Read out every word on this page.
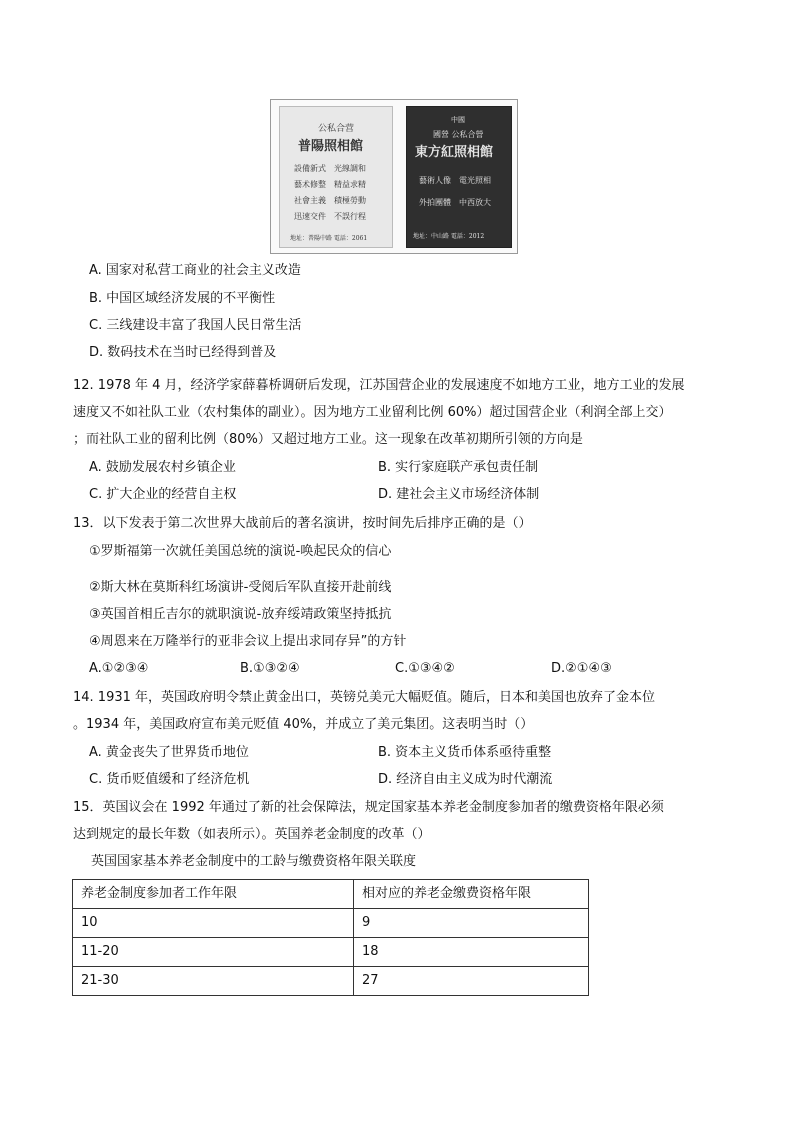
公私合营
普陽照相館
設備新式　光線調和
藝术修整　精益求精
社會主義　積極勞動
迅速交件　不誤行程
地址：普陽中路 電話：2061
中國
國營 公私合營
東方紅照相館
藝術人像　電光照相
外拍團體　中西放大
地址：中山路 電話：2012
A. 国家对私营工商业的社会主义改造
B. 中国区域经济发展的不平衡性
C. 三线建设丰富了我国人民日常生活
D. 数码技术在当时已经得到普及
12. 1978 年 4 月，经济学家薛暮桥调研后发现，江苏国营企业的发展速度不如地方工业，地方工业的发展
速度又不如社队工业（农村集体的副业）。因为地方工业留利比例 60%）超过国营企业（利润全部上交）
；而社队工业的留利比例（80%）又超过地方工业。这一现象在改革初期所引领的方向是
A. 鼓励发展农村乡镇企业	B. 实行家庭联产承包责任制
C. 扩大企业的经营自主权	D. 建社会主义市场经济体制
13．以下发表于第二次世界大战前后的著名演讲，按时间先后排序正确的是（）
①罗斯福第一次就任美国总统的演说-唤起民众的信心
②斯大林在莫斯科红场演讲-受阅后军队直接开赴前线
③英国首相丘吉尔的就职演说-放弃绥靖政策坚持抵抗
④周恩来在万隆举行的亚非会议上提出求同存异”的方针
A.①②③④	B.①③②④	C.①③④②	D.②①④③
14. 1931 年，英国政府明令禁止黄金出口，英镑兑美元大幅贬值。随后，日本和美国也放弃了金本位
。1934 年，美国政府宣布美元贬值 40%，并成立了美元集团。这表明当时（）
A. 黄金丧失了世界货币地位	B. 资本主义货币体系亟待重整
C. 货币贬值缓和了经济危机	D. 经济自由主义成为时代潮流
15．英国议会在 1992 年通过了新的社会保障法，规定国家基本养老金制度参加者的缴费资格年限必须
达到规定的最长年数（如表所示）。英国养老金制度的改革（）
英国国家基本养老金制度中的工龄与缴费资格年限关联度
养老金制度参加者工作年限	相对应的养老金缴费资格年限
10	9
11-20	18
21-30	27
